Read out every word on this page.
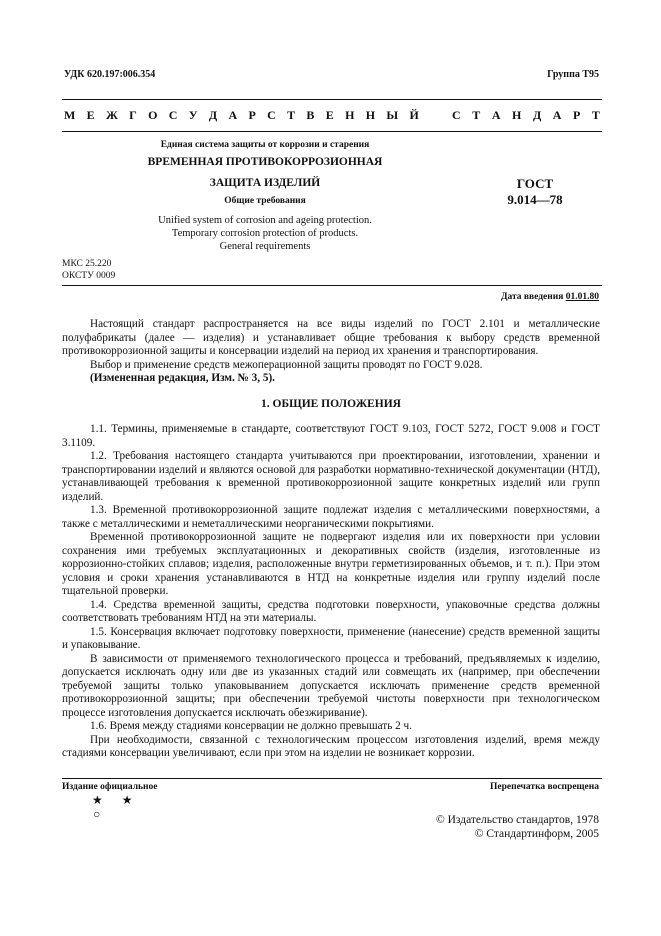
УДК 620.197:006.354	Группа Т95
М Е Ж Г О С У Д А Р С Т В Е Н Н Ы Й	С Т А Н Д А Р Т
Единая система защиты от коррозии и старения
ВРЕМЕННАЯ ПРОТИВОКОРРОЗИОННАЯ
ЗАЩИТА ИЗДЕЛИЙ
Общие требования
Unified system of corrosion and ageing protection.
Temporary corrosion protection of products.
General requirements
ГОСТ
9.014—78
МКС 25.220
ОКСТУ 0009
Дата введения 01.01.80
Настоящий стандарт распространяется на все виды изделий по ГОСТ 2.101 и металлические полуфабрикаты (далее — изделия) и устанавливает общие требования к выбору средств временной противокоррозионной защиты и консервации изделий на период их хранения и транспортирования.
Выбор и применение средств межоперационной защиты проводят по ГОСТ 9.028.
(Измененная редакция, Изм. № 3, 5).
1. ОБЩИЕ ПОЛОЖЕНИЯ
1.1. Термины, применяемые в стандарте, соответствуют ГОСТ 9.103, ГОСТ 5272, ГОСТ 9.008 и ГОСТ 3.1109.
1.2. Требования настоящего стандарта учитываются при проектировании, изготовлении, хранении и транспортировании изделий и являются основой для разработки нормативно-технической документации (НТД), устанавливающей требования к временной противокоррозионной защите конкретных изделий или групп изделий.
1.3. Временной противокоррозионной защите подлежат изделия с металлическими поверхностями, а также с металлическими и неметаллическими неорганическими покрытиями.
Временной противокоррозионной защите не подвергают изделия или их поверхности при условии сохранения ими требуемых эксплуатационных и декоративных свойств (изделия, изготовленные из коррозионно-стойких сплавов; изделия, расположенные внутри герметизированных объемов, и т. п.). При этом условия и сроки хранения устанавливаются в НТД на конкретные изделия или группу изделий после тщательной проверки.
1.4. Средства временной защиты, средства подготовки поверхности, упаковочные средства должны соответствовать требованиям НТД на эти материалы.
1.5. Консервация включает подготовку поверхности, применение (нанесение) средств временной защиты и упаковывание.
В зависимости от применяемого технологического процесса и требований, предъявляемых к изделию, допускается исключать одну или две из указанных стадий или совмещать их (например, при обеспечении требуемой защиты только упаковыванием допускается исключать применение средств временной противокоррозионной защиты; при обеспечении требуемой чистоты поверхности при технологическом процессе изготовления допускается исключать обезжиривание).
1.6. Время между стадиями консервации не должно превышать 2 ч.
При необходимости, связанной с технологическим процессом изготовления изделий, время между стадиями консервации увеличивают, если при этом на изделии не возникает коррозии.
Издание официальное	Перепечатка воспрещена
★ ★
○	© Издательство стандартов, 1978
© Стандартинформ, 2005
